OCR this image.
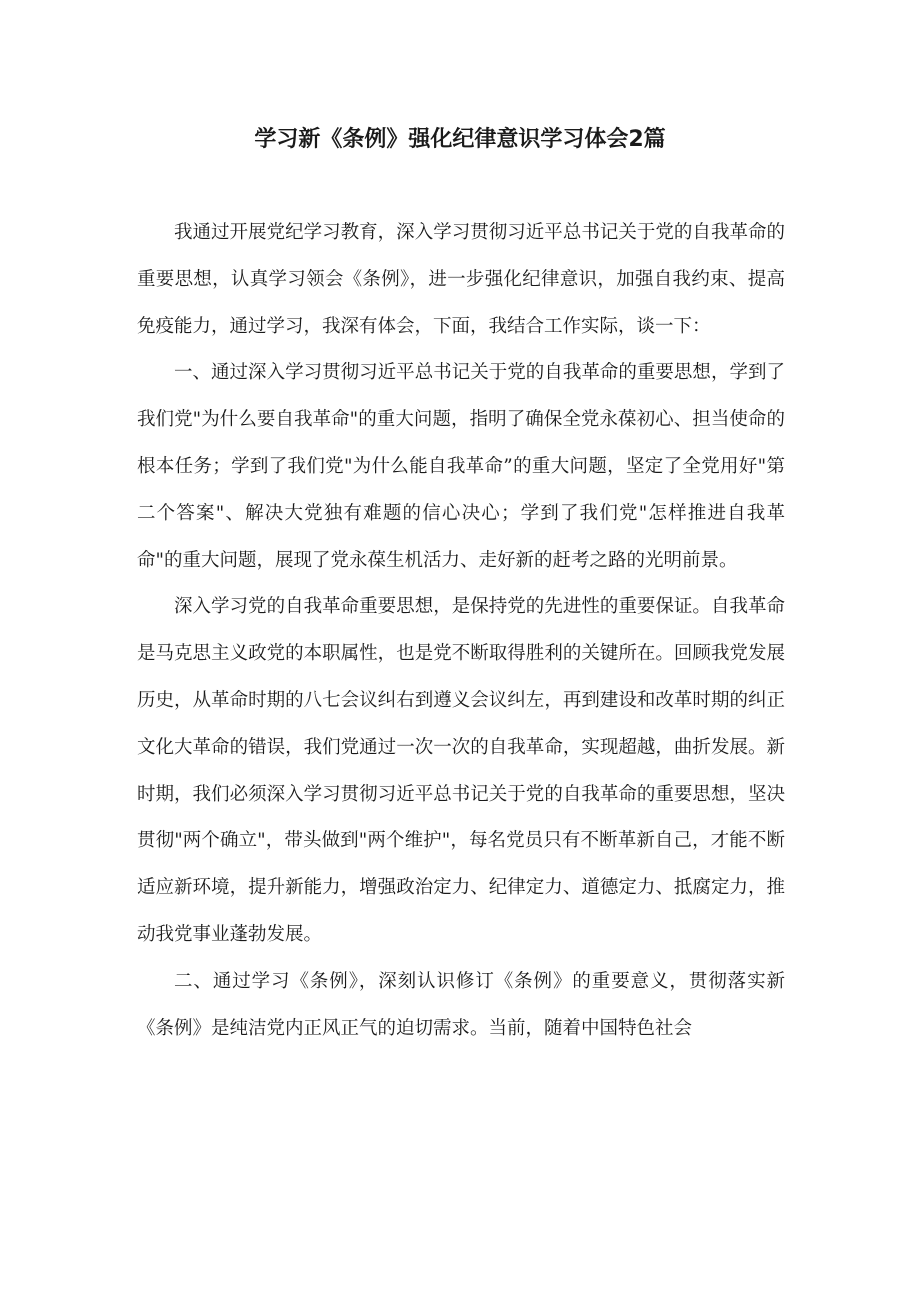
学习新《条例》强化纪律意识学习体会2篇

我通过开展党纪学习教育，深入学习贯彻习近平总书记关于党的自我革命的重要思想，认真学习领会《条例》，进一步强化纪律意识，加强自我约束、提高免疫能力，通过学习，我深有体会，下面，我结合工作实际，谈一下：

一、通过深入学习贯彻习近平总书记关于党的自我革命的重要思想，学到了我们党"为什么要自我革命"的重大问题，指明了确保全党永葆初心、担当使命的根本任务；学到了我们党"为什么能自我革命”的重大问题，坚定了全党用好"第二个答案"、解决大党独有难题的信心决心；学到了我们党"怎样推进自我革命"的重大问题，展现了党永葆生机活力、走好新的赶考之路的光明前景。

深入学习党的自我革命重要思想，是保持党的先进性的重要保证。自我革命是马克思主义政党的本职属性，也是党不断取得胜利的关键所在。回顾我党发展历史，从革命时期的八七会议纠右到遵义会议纠左，再到建设和改革时期的纠正文化大革命的错误，我们党通过一次一次的自我革命，实现超越，曲折发展。新时期，我们必须深入学习贯彻习近平总书记关于党的自我革命的重要思想，坚决贯彻"两个确立"，带头做到"两个维护"，每名党员只有不断革新自己，才能不断适应新环境，提升新能力，增强政治定力、纪律定力、道德定力、抵腐定力，推动我党事业蓬勃发展。

二、通过学习《条例》，深刻认识修订《条例》的重要意义，贯彻落实新《条例》是纯洁党内正风正气的迫切需求。当前，随着中国特色社会
